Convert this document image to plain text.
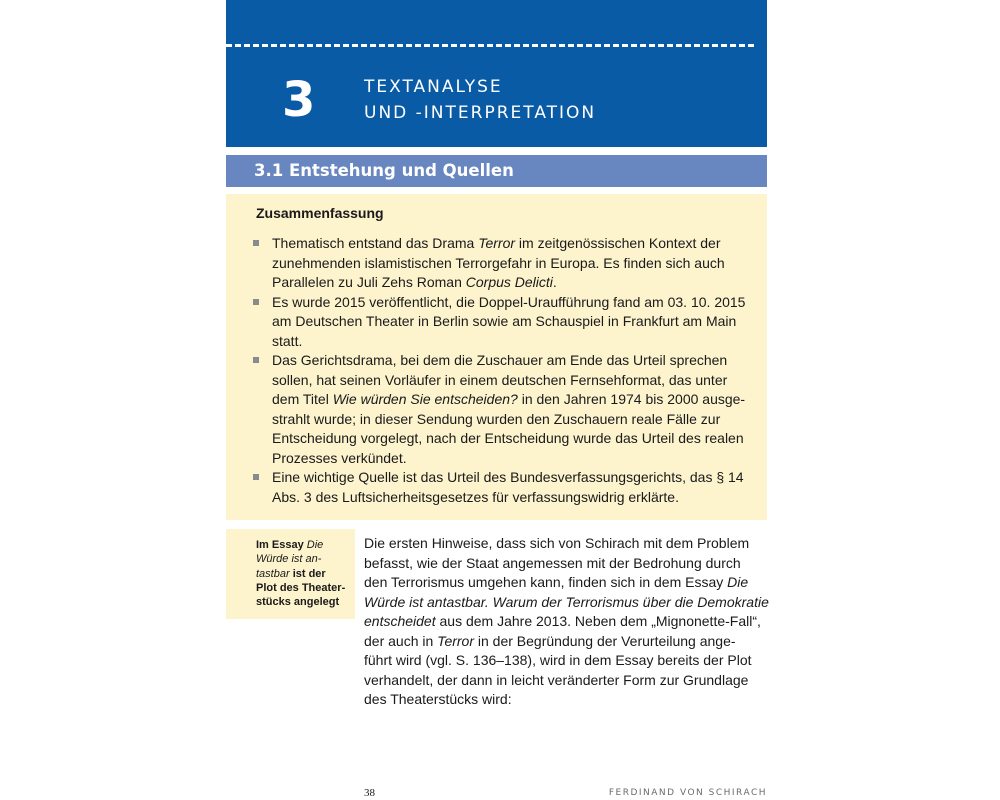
3	TEXTANALYSE
UND -INTERPRETATION
3.1 Entstehung und Quellen
Zusammenfassung
Thematisch entstand das Drama Terror im zeitgenössischen Kontext der
zunehmenden islamistischen Terrorgefahr in Europa. Es finden sich auch
Parallelen zu Juli Zehs Roman Corpus Delicti.
Es wurde 2015 veröffentlicht, die Doppel-Uraufführung fand am 03. 10. 2015
am Deutschen Theater in Berlin sowie am Schauspiel in Frankfurt am Main
statt.
Das Gerichtsdrama, bei dem die Zuschauer am Ende das Urteil sprechen
sollen, hat seinen Vorläufer in einem deutschen Fernsehformat, das unter
dem Titel Wie würden Sie entscheiden? in den Jahren 1974 bis 2000 ausge-
strahlt wurde; in dieser Sendung wurden den Zuschauern reale Fälle zur
Entscheidung vorgelegt, nach der Entscheidung wurde das Urteil des realen
Prozesses verkündet.
Eine wichtige Quelle ist das Urteil des Bundesverfassungsgerichts, das § 14
Abs. 3 des Luftsicherheitsgesetzes für verfassungswidrig erklärte.
Im Essay Die
Würde ist an-
tastbar ist der
Plot des Theater-
stücks angelegt
Die ersten Hinweise, dass sich von Schirach mit dem Problem
befasst, wie der Staat angemessen mit der Bedrohung durch
den Terrorismus umgehen kann, finden sich in dem Essay Die
Würde ist antastbar. Warum der Terrorismus über die Demokratie
entscheidet aus dem Jahre 2013. Neben dem „Mignonette-Fall“,
der auch in Terror in der Begründung der Verurteilung ange-
führt wird (vgl. S. 136–138), wird in dem Essay bereits der Plot
verhandelt, der dann in leicht veränderter Form zur Grundlage
des Theaterstücks wird:
38	FERDINAND VON SCHIRACH
